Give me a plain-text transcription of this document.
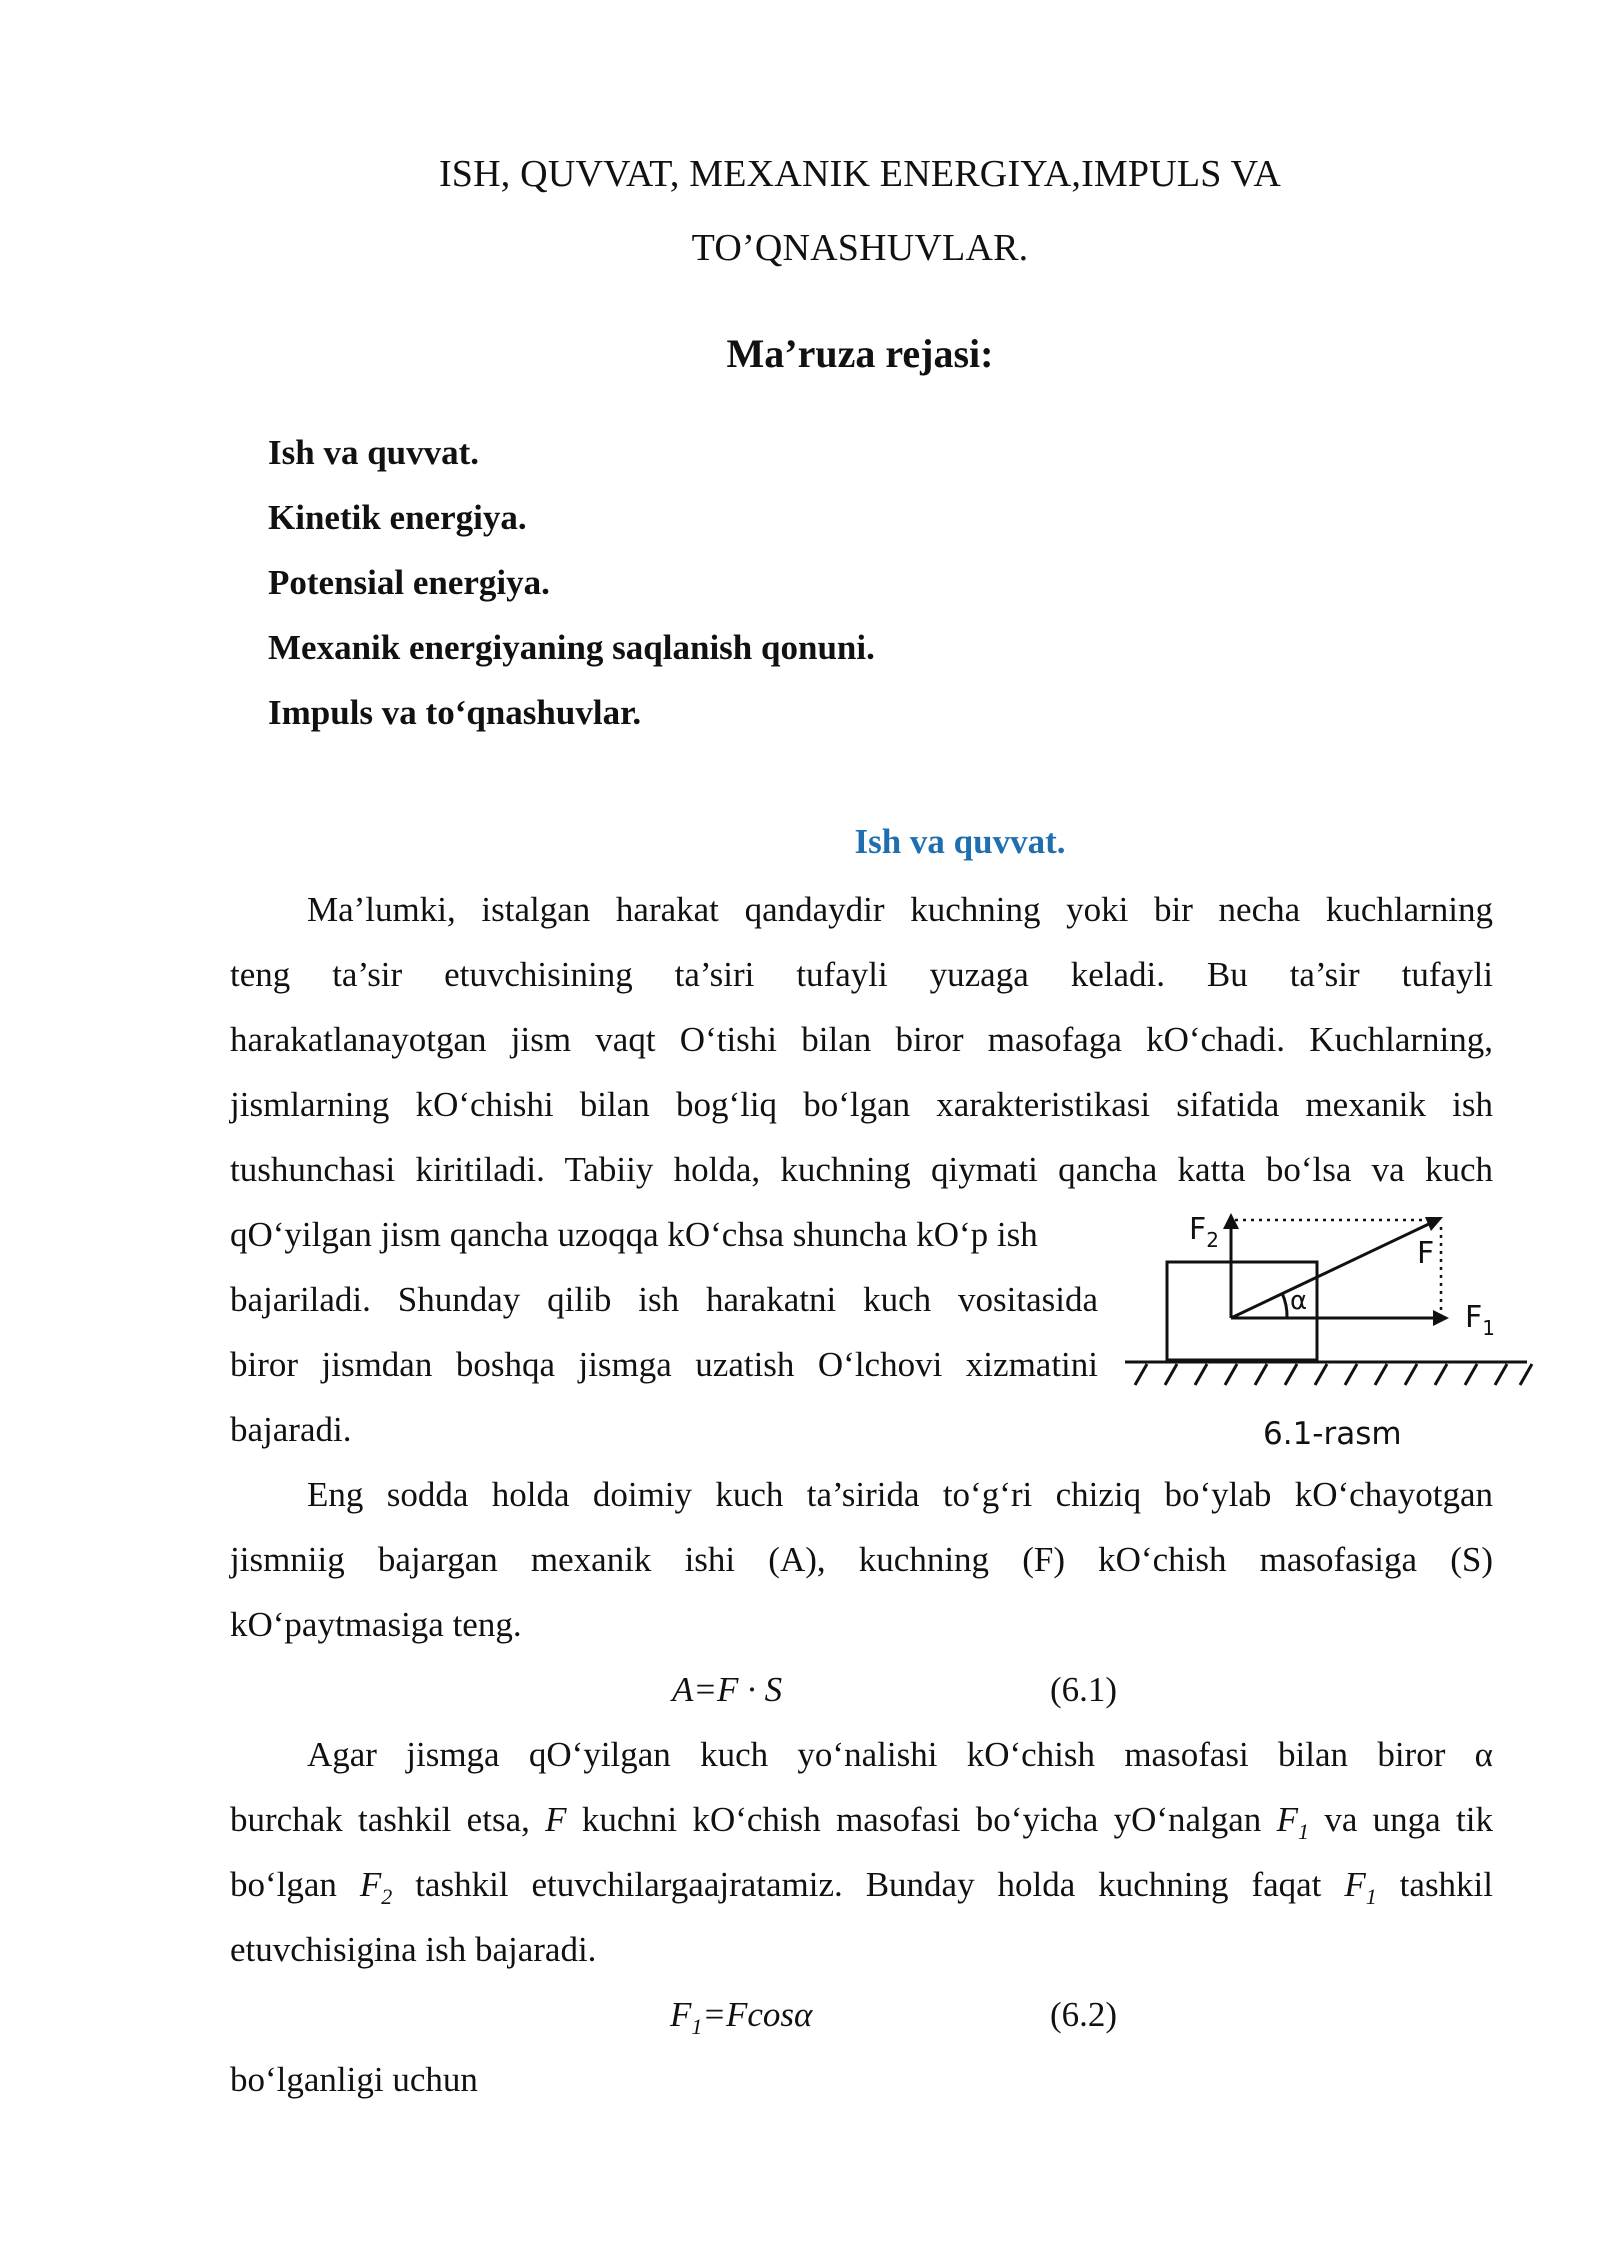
ISH, QUVVAT, MEXANIK ENERGIYA,IMPULS VA
TO’QNASHUVLAR.
Ma’ruza rejasi:
Ish va quvvat.
Kinetik energiya.
Potensial energiya.
Mexanik energiyaning saqlanish qonuni.
Impuls va to‘qnashuvlar.
Ish va quvvat.
Ma’lumki, istalgan harakat qandaydir kuchning yoki bir necha kuchlarning
teng ta’sir etuvchisining ta’siri tufayli yuzaga keladi. Bu ta’sir tufayli
harakatlanayotgan jism vaqt O‘tishi bilan biror masofaga kO‘chadi. Kuchlarning,
jismlarning kO‘chishi bilan bog‘liq bo‘lgan xarakteristikasi sifatida mexanik ish
tushunchasi kiritiladi. Tabiiy holda, kuchning qiymati qancha katta bo‘lsa va kuch
qO‘yilgan jism qancha uzoqqa kO‘chsa shuncha kO‘p ish
bajariladi. Shunday qilib ish harakatni kuch vositasida
biror jismdan boshqa jismga uzatish O‘lchovi xizmatini
bajaradi.
$F_2$	F
$F_1$
α
6.1-rasm
Eng sodda holda doimiy kuch ta’sirida to‘g‘ri chiziq bo‘ylab kO‘chayotgan
jismniig bajargan mexanik ishi (A), kuchning (F) kO‘chish masofasiga (S)
kO‘paytmasiga teng.
A=F · S	(6.1)
Agar jismga qO‘yilgan kuch yo‘nalishi kO‘chish masofasi bilan biror α
burchak tashkil etsa, F kuchni kO‘chish masofasi bo‘yicha yO‘nalgan $F_1$ va unga tik
bo‘lgan $F_2$ tashkil etuvchilargaajratamiz. Bunday holda kuchning faqat $F_1$ tashkil
etuvchisigina ish bajaradi.
$F_1=Fcos\alpha$	(6.2)
bo‘lganligi uchun
